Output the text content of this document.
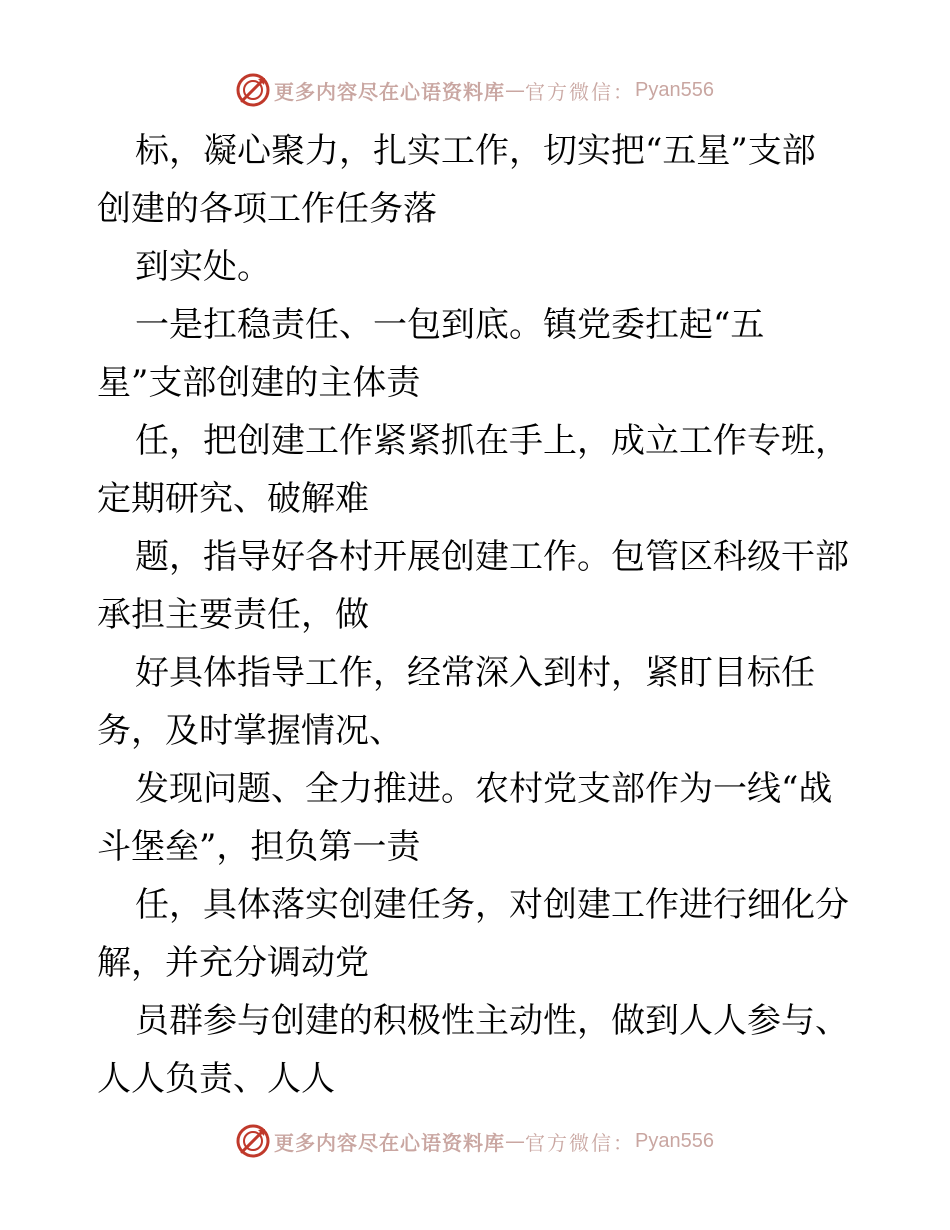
更多内容尽在心语资料库 — 官方微信： Pyan556
标，凝心聚力，扎实工作，切实把“五星”支部
创建的各项工作任务落
到实处。
一是扛稳责任、一包到底。镇党委扛起“五
星”支部创建的主体责
任，把创建工作紧紧抓在手上，成立工作专班，
定期研究、破解难
题，指导好各村开展创建工作。包管区科级干部
承担主要责任，做
好具体指导工作，经常深入到村，紧盯目标任
务，及时掌握情况、
发现问题、全力推进。农村党支部作为一线“战
斗堡垒”，担负第一责
任，具体落实创建任务，对创建工作进行细化分
解，并充分调动党
员群参与创建的积极性主动性，做到人人参与、
人人负责、人人
更多内容尽在心语资料库 — 官方微信： Pyan556
